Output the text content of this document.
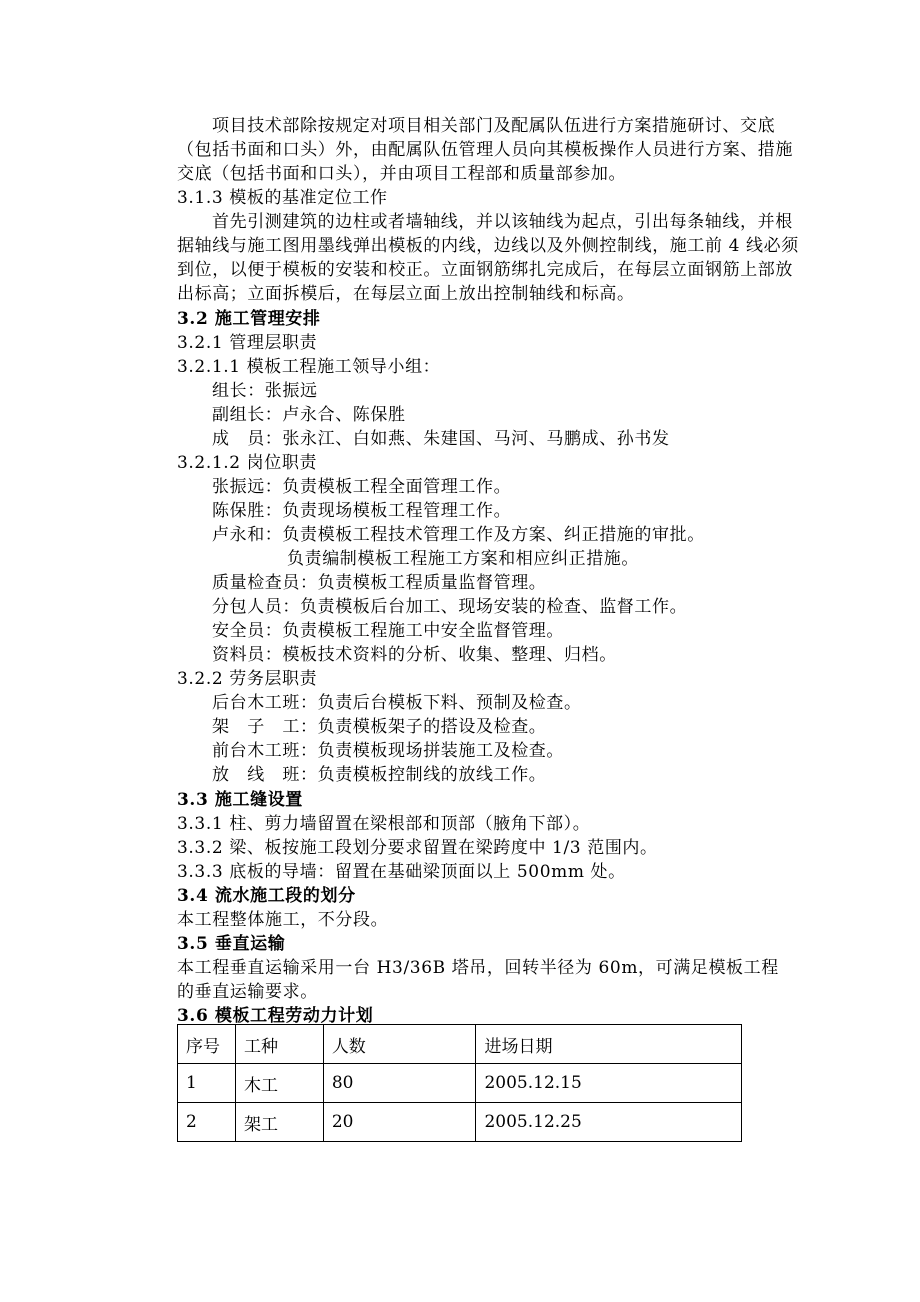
项目技术部除按规定对项目相关部门及配属队伍进行方案措施研讨、交底
（包括书面和口头）外，由配属队伍管理人员向其模板操作人员进行方案、措施
交底（包括书面和口头），并由项目工程部和质量部参加。
3.1.3 模板的基准定位工作
首先引测建筑的边柱或者墙轴线，并以该轴线为起点，引出每条轴线，并根
据轴线与施工图用墨线弹出模板的内线，边线以及外侧控制线，施工前 4 线必须
到位，以便于模板的安装和校正。立面钢筋绑扎完成后，在每层立面钢筋上部放
出标高；立面拆模后，在每层立面上放出控制轴线和标高。
3.2 施工管理安排
3.2.1 管理层职责
3.2.1.1 模板工程施工领导小组：
组长：张振远
副组长：卢永合、陈保胜
成　员：张永江、白如燕、朱建国、马河、马鹏成、孙书发
3.2.1.2 岗位职责
张振远：负责模板工程全面管理工作。
陈保胜：负责现场模板工程管理工作。
卢永和：负责模板工程技术管理工作及方案、纠正措施的审批。
负责编制模板工程施工方案和相应纠正措施。
质量检查员：负责模板工程质量监督管理。
分包人员：负责模板后台加工、现场安装的检查、监督工作。
安全员：负责模板工程施工中安全监督管理。
资料员：模板技术资料的分析、收集、整理、归档。
3.2.2 劳务层职责
后台木工班：负责后台模板下料、预制及检查。
架　子　工：负责模板架子的搭设及检查。
前台木工班：负责模板现场拼装施工及检查。
放　线　班：负责模板控制线的放线工作。
3.3 施工缝设置
3.3.1 柱、剪力墙留置在梁根部和顶部（腋角下部）。
3.3.2 梁、板按施工段划分要求留置在梁跨度中 1/3 范围内。
3.3.3 底板的导墙：留置在基础梁顶面以上 500mm 处。
3.4 流水施工段的划分
本工程整体施工，不分段。
3.5 垂直运输
本工程垂直运输采用一台 H3/36B 塔吊，回转半径为 60m，可满足模板工程
的垂直运输要求。
3.6 模板工程劳动力计划
序号	工种	人数	进场日期
1	木工	80	2005.12.15
2	架工	20	2005.12.25
